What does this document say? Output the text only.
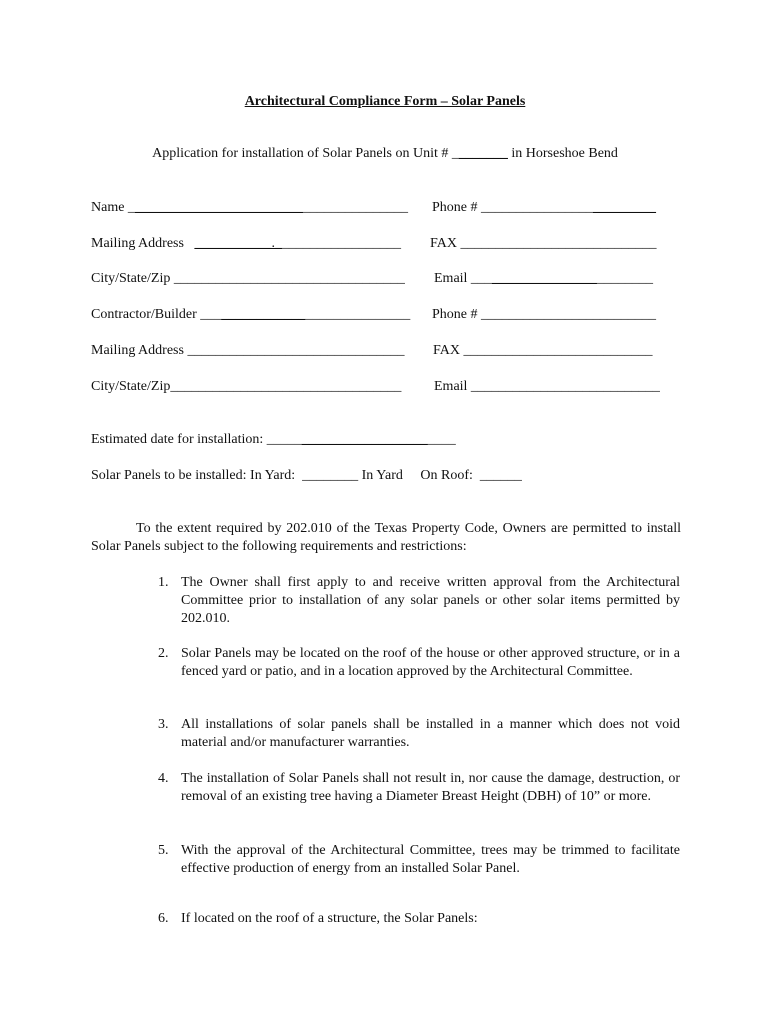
Architectural Compliance Form – Solar Panels
Application for installation of Solar Panels on Unit # ________ in Horseshoe Bend
Name ________________________________________ Phone # _________________________
Mailing Address   ___________.__________________ FAX ____________________________
City/State/Zip _________________________________ Email __________________________
Contractor/Builder ______________________________ Phone # _________________________
Mailing Address _______________________________ FAX ___________________________
City/State/Zip_________________________________ Email ___________________________
Estimated date for installation: ___________________________
Solar Panels to be installed: In Yard:  ________ In Yard     On Roof:  ______
To the extent required by 202.010 of the Texas Property Code, Owners are permitted to install Solar Panels subject to the following requirements and restrictions:
1. The Owner shall first apply to and receive written approval from the Architectural Committee prior to installation of any solar panels or other solar items permitted by 202.010.
2. Solar Panels may be located on the roof of the house or other approved structure, or in a fenced yard or patio, and in a location approved by the Architectural Committee.
3. All installations of solar panels shall be installed in a manner which does not void material and/or manufacturer warranties.
4. The installation of Solar Panels shall not result in, nor cause the damage, destruction, or removal of an existing tree having a Diameter Breast Height (DBH) of 10” or more.
5. With the approval of the Architectural Committee, trees may be trimmed to facilitate effective production of energy from an installed Solar Panel.
6. If located on the roof of a structure, the Solar Panels:
